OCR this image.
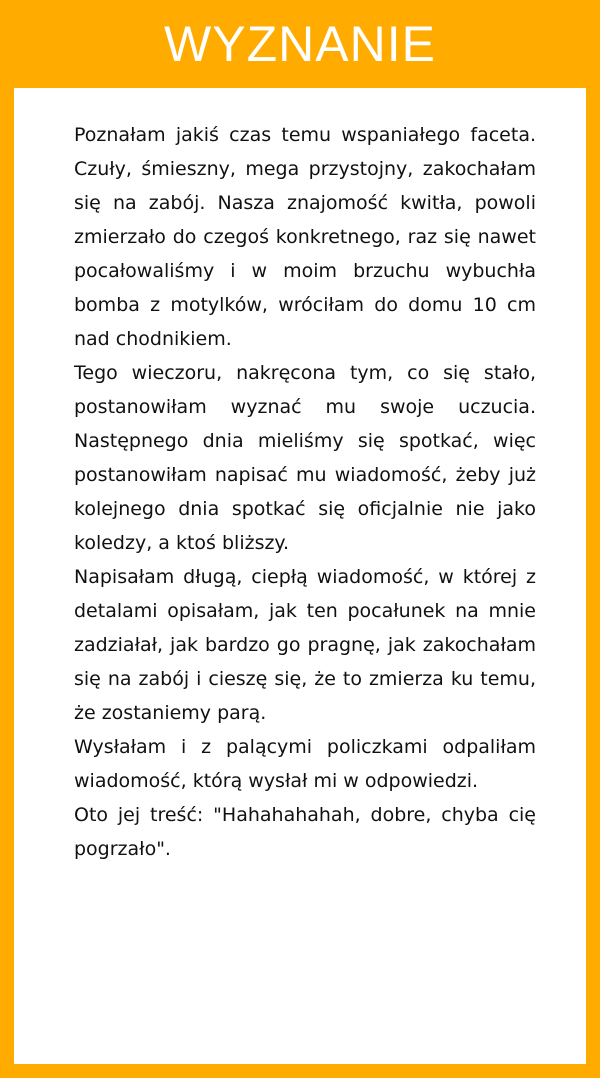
WYZNANIE

Poznałam jakiś czas temu wspaniałego faceta. Czuły, śmieszny, mega przystojny, zakochałam się na zabój. Nasza znajomość kwitła, powoli zmierzało do czegoś konkretnego, raz się nawet pocałowaliśmy i w moim brzuchu wybuchła bomba z motylków, wróciłam do domu 10 cm nad chodnikiem.

Tego wieczoru, nakręcona tym, co się stało, postanowiłam wyznać mu swoje uczucia. Następnego dnia mieliśmy się spotkać, więc postanowiłam napisać mu wiadomość, żeby już kolejnego dnia spotkać się oficjalnie nie jako koledzy, a ktoś bliższy.

Napisałam długą, ciepłą wiadomość, w której z detalami opisałam, jak ten pocałunek na mnie zadziałał, jak bardzo go pragnę, jak zakochałam się na zabój i cieszę się, że to zmierza ku temu, że zostaniemy parą.

Wysłałam i z palącymi policzkami odpaliłam wiadomość, którą wysłał mi w odpowiedzi.

Oto jej treść: "Hahahahahah, dobre, chyba cię pogrzało".
